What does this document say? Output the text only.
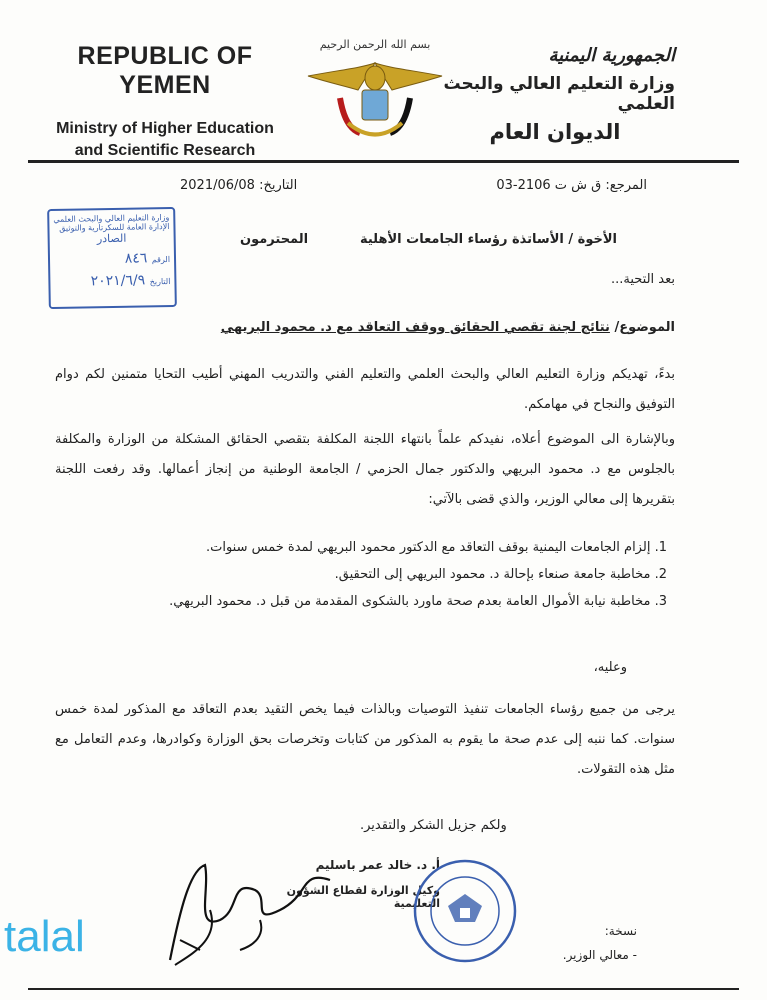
REPUBLIC OF YEMEN
Ministry of Higher Education
and Scientific Research
بسم الله الرحمن الرحيم
الجمهورية اليمنية
وزارة التعليم العالي والبحث العلمي
الديوان العام
المرجع: ق ش ت 2106-03
التاريخ: 2021/06/08
وزارة التعليم العالي والبحث العلمي
الإدارة العامة للسكرتارية والتوثيق
الصادر
الرقم ٨٤٦
التاريخ ٢٠٢١/٦/٩
الأخوة / الأساتذة رؤساء الجامعات الأهلية
المحترمون
بعد التحية...
الموضوع/ نتائج لجنة تقصي الحقائق ووقف التعاقد مع د. محمود البريهي
بدءً، تهديكم وزارة التعليم العالي والبحث العلمي والتعليم الفني والتدريب المهني أطيب التحايا متمنين لكم دوام التوفيق والنجاح في مهامكم.
وبالإشارة الى الموضوع أعلاه، نفيدكم علماً بانتهاء اللجنة المكلفة بتقصي الحقائق المشكلة من الوزارة والمكلفة بالجلوس مع د. محمود البريهي والدكتور جمال الحزمي / الجامعة الوطنية من إنجاز أعمالها. وقد رفعت اللجنة بتقريرها إلى معالي الوزير، والذي قضى بالآتي:
1. إلزام الجامعات اليمنية بوقف التعاقد مع الدكتور محمود البريهي لمدة خمس سنوات.
2. مخاطبة جامعة صنعاء بإحالة د. محمود البريهي إلى التحقيق.
3. مخاطبة نيابة الأموال العامة بعدم صحة ماورد بالشكوى المقدمة من قبل د. محمود البريهي.
وعليه،
يرجى من جميع رؤساء الجامعات تنفيذ التوصيات وبالذات فيما يخص التقيد بعدم التعاقد مع المذكور لمدة خمس سنوات. كما ننبه إلى عدم صحة ما يقوم به المذكور من كتابات وتخرصات بحق الوزارة وكوادرها، وعدم التعامل مع مثل هذه التقولات.
ولكم جزيل الشكر والتقدير.
أ. د. خالد عمر باسليم
وكيل الوزارة لقطاع الشؤون التعليمية
نسخة:
- معالي الوزير.
talal
